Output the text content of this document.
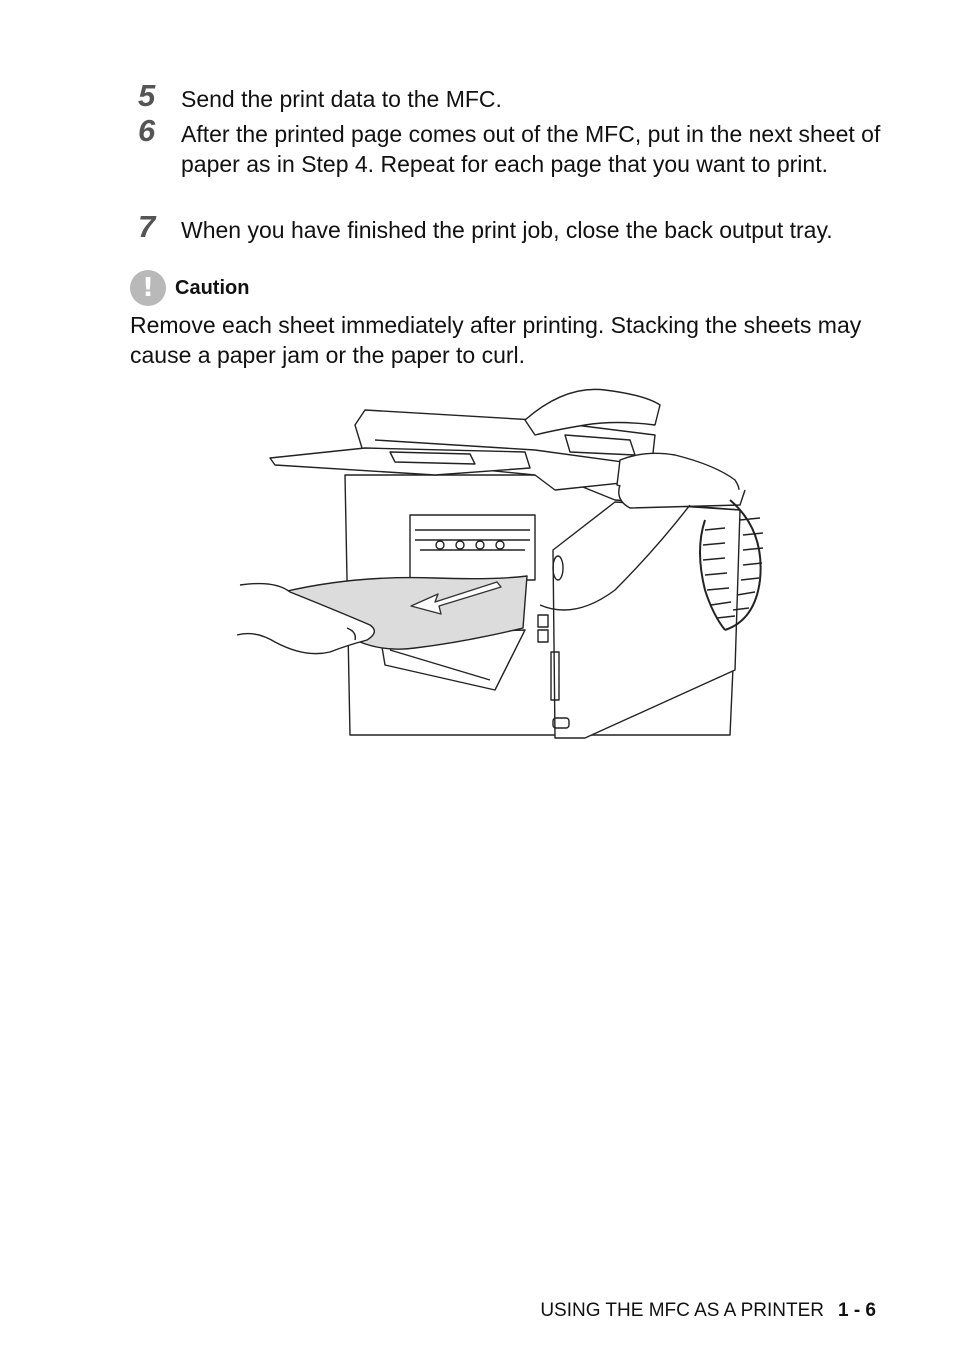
5 Send the print data to the MFC.
6 After the printed page comes out of the MFC, put in the next sheet of paper as in Step 4. Repeat for each page that you want to print.
7 When you have finished the print job, close the back output tray.
!	Caution
Remove each sheet immediately after printing. Stacking the sheets may cause a paper jam or the paper to curl.
USING THE MFC AS A PRINTER 1 - 6
